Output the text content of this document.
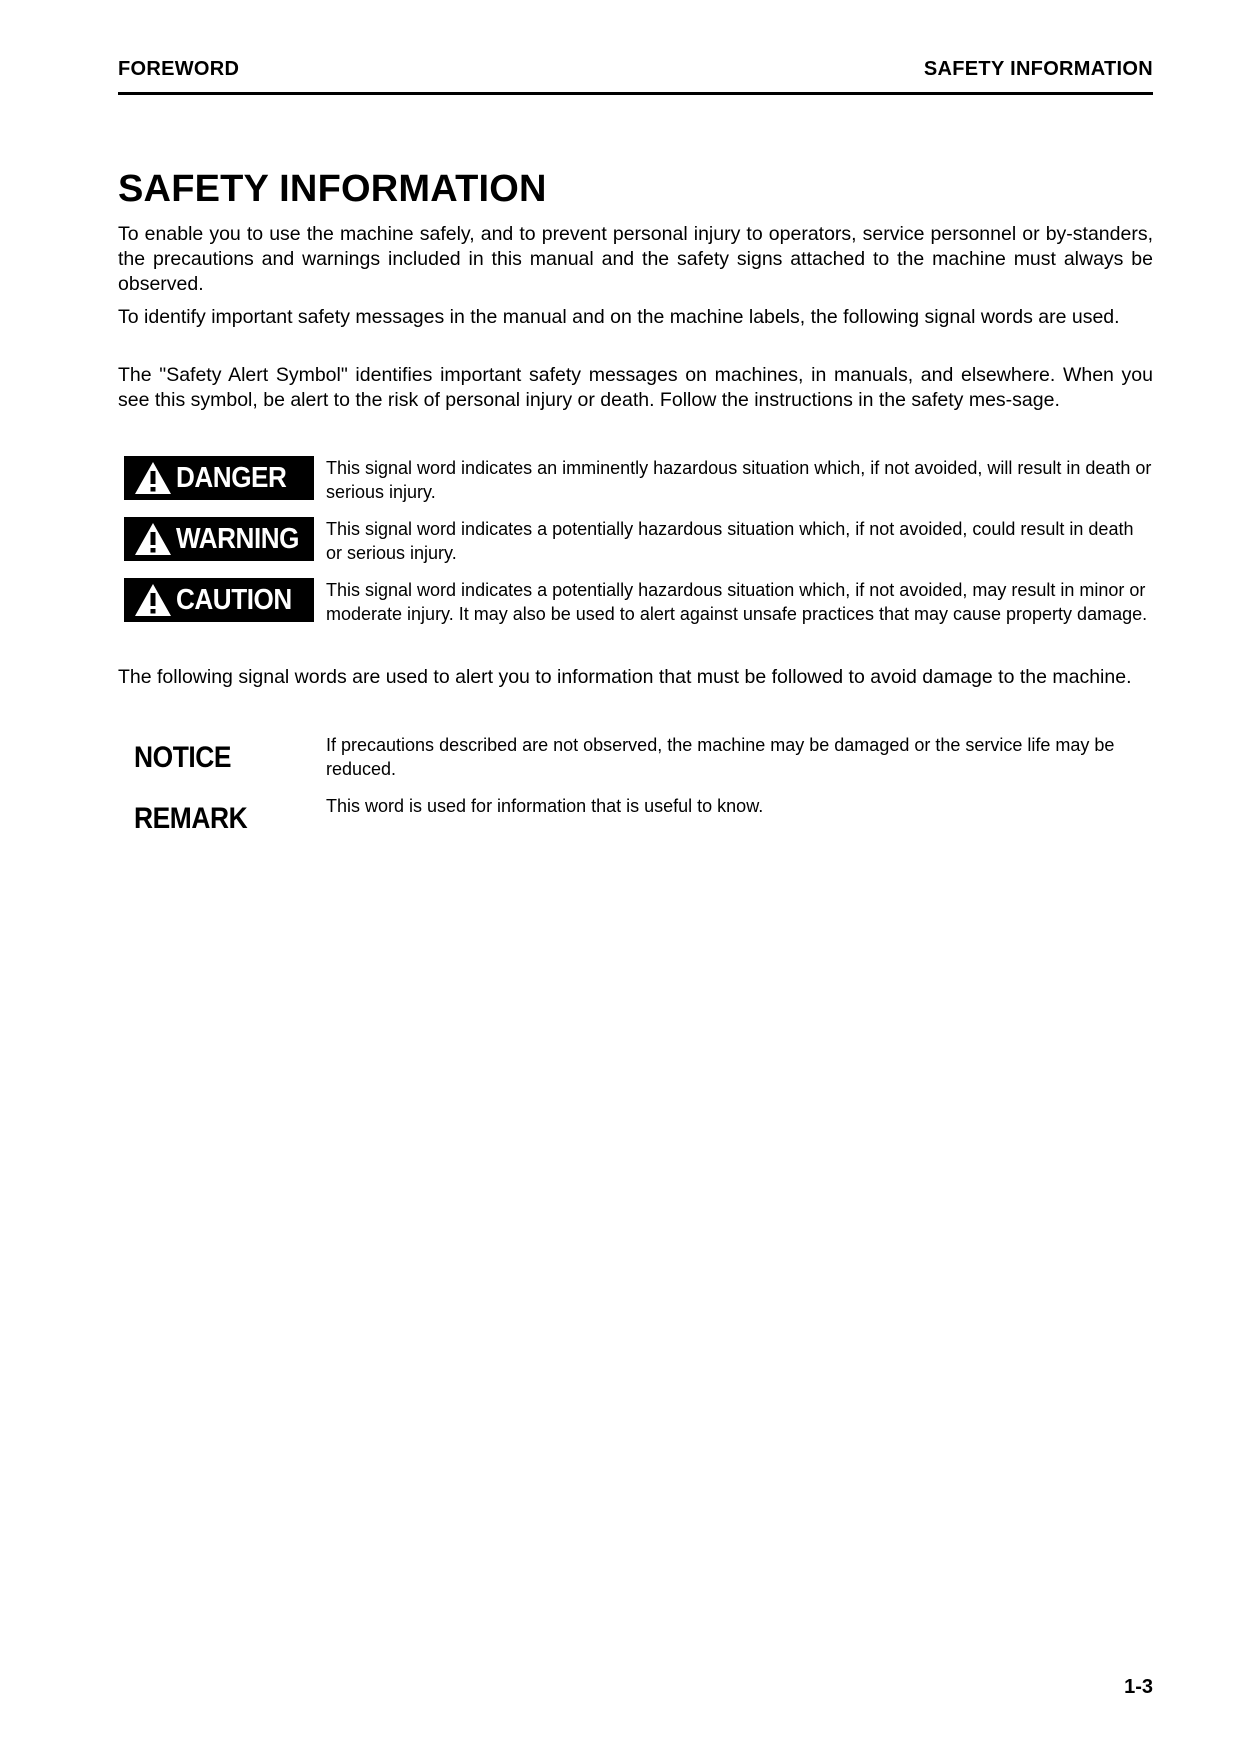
FOREWORD	SAFETY INFORMATION
SAFETY INFORMATION

To enable you to use the machine safely, and to prevent personal injury to operators, service personnel or by-standers, the precautions and warnings included in this manual and the safety signs attached to the machine must always be observed.

To identify important safety messages in the manual and on the machine labels, the following signal words are used.

The "Safety Alert Symbol" identifies important safety messages on machines, in manuals, and elsewhere. When you see this symbol, be alert to the risk of personal injury or death. Follow the instructions in the safety mes-sage.

DANGER This signal word indicates an imminently hazardous situation which, if not avoided, will result in death or serious injury.

WARNING This signal word indicates a potentially hazardous situation which, if not avoided, could result in death or serious injury.

CAUTION This signal word indicates a potentially hazardous situation which, if not avoided, may result in minor or moderate injury. It may also be used to alert against unsafe practices that may cause property damage.

The following signal words are used to alert you to information that must be followed to avoid damage to the machine.

NOTICE	If precautions described are not observed, the machine may be damaged or the service life may be reduced.

REMARK	This word is used for information that is useful to know.

1-3
